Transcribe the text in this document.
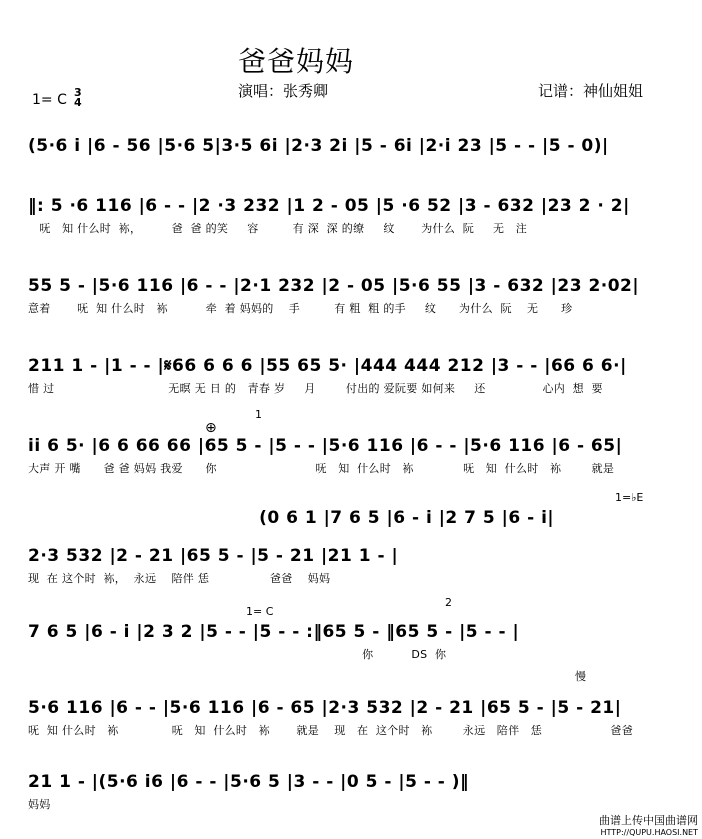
爸爸妈妈
演唱：张秀卿	记谱：神仙姐姐
1= C 3
4
(5·6 i |6 - 56 |5·6 5|3·5 6i |2·3 2i |5 - 6i |2·i 23 |5 - - |5 - 0)|
‖: 5 ·6 116 |6 - - |2 ·3 232 |1 2 - 05 |5 ·6 52 |3 - 632 |23 2 · 2|
呒   知 什么时  袮，        爸  爸 的笑     容         有 深  深 的缭     纹       为什么  阮     无   注
55 5 - |5·6 116 |6 - - |2·1 232 |2 - 05 |5·6 55 |3 - 632 |23 2·02|
意着       呒  知 什么时   袮          牵  着 妈妈的    手         有 粗  粗 的手     纹      为什么  阮    无      珍
211 1 - |1 - - |𝄋66 6 6 6 |55 65 5· |444 444 212 |3 - - |66 6 6·|
惜 过                              无暝 无 日 的   青春 岁     月        付出的 爱阮要 如何来     还               心内  想  要
1
⊕
ii 6 5· |6 6 66 66 |65 5 - |5 - - |5·6 116 |6 - - |5·6 116 |6 - 65|
大声 开 嘴      爸 爸 妈妈 我爱      你                          呒   知  什么时   袮             呒   知  什么时   袮        就是
1=♭E
(0 6 1 |7 6 5 |6 - i |2 7 5 |6 - i|
2·3 532 |2 - 21 |65 5 - |5 - 21 |21 1 - |
现  在 这个时  袮，  永远    陪伴 恁                爸爸    妈妈
1= C
2
7 6 5 |6 - i |2 3 2 |5 - - |5 - - :‖65 5 - ‖65 5 - |5 - - |
你          DS  你
慢
5·6 116 |6 - - |5·6 116 |6 - 65 |2·3 532 |2 - 21 |65 5 - |5 - 21|
呒  知 什么时   袮              呒   知  什么时   袮       就是    现   在  这个时   袮        永远   陪伴   恁                  爸爸
21 1 - |(5·6 i6 |6 - - |5·6 5 |3 - - |0 5 - |5 - - )‖
妈妈
曲谱上传中国曲谱网
HTTP://QUPU.HAOSI.NET
